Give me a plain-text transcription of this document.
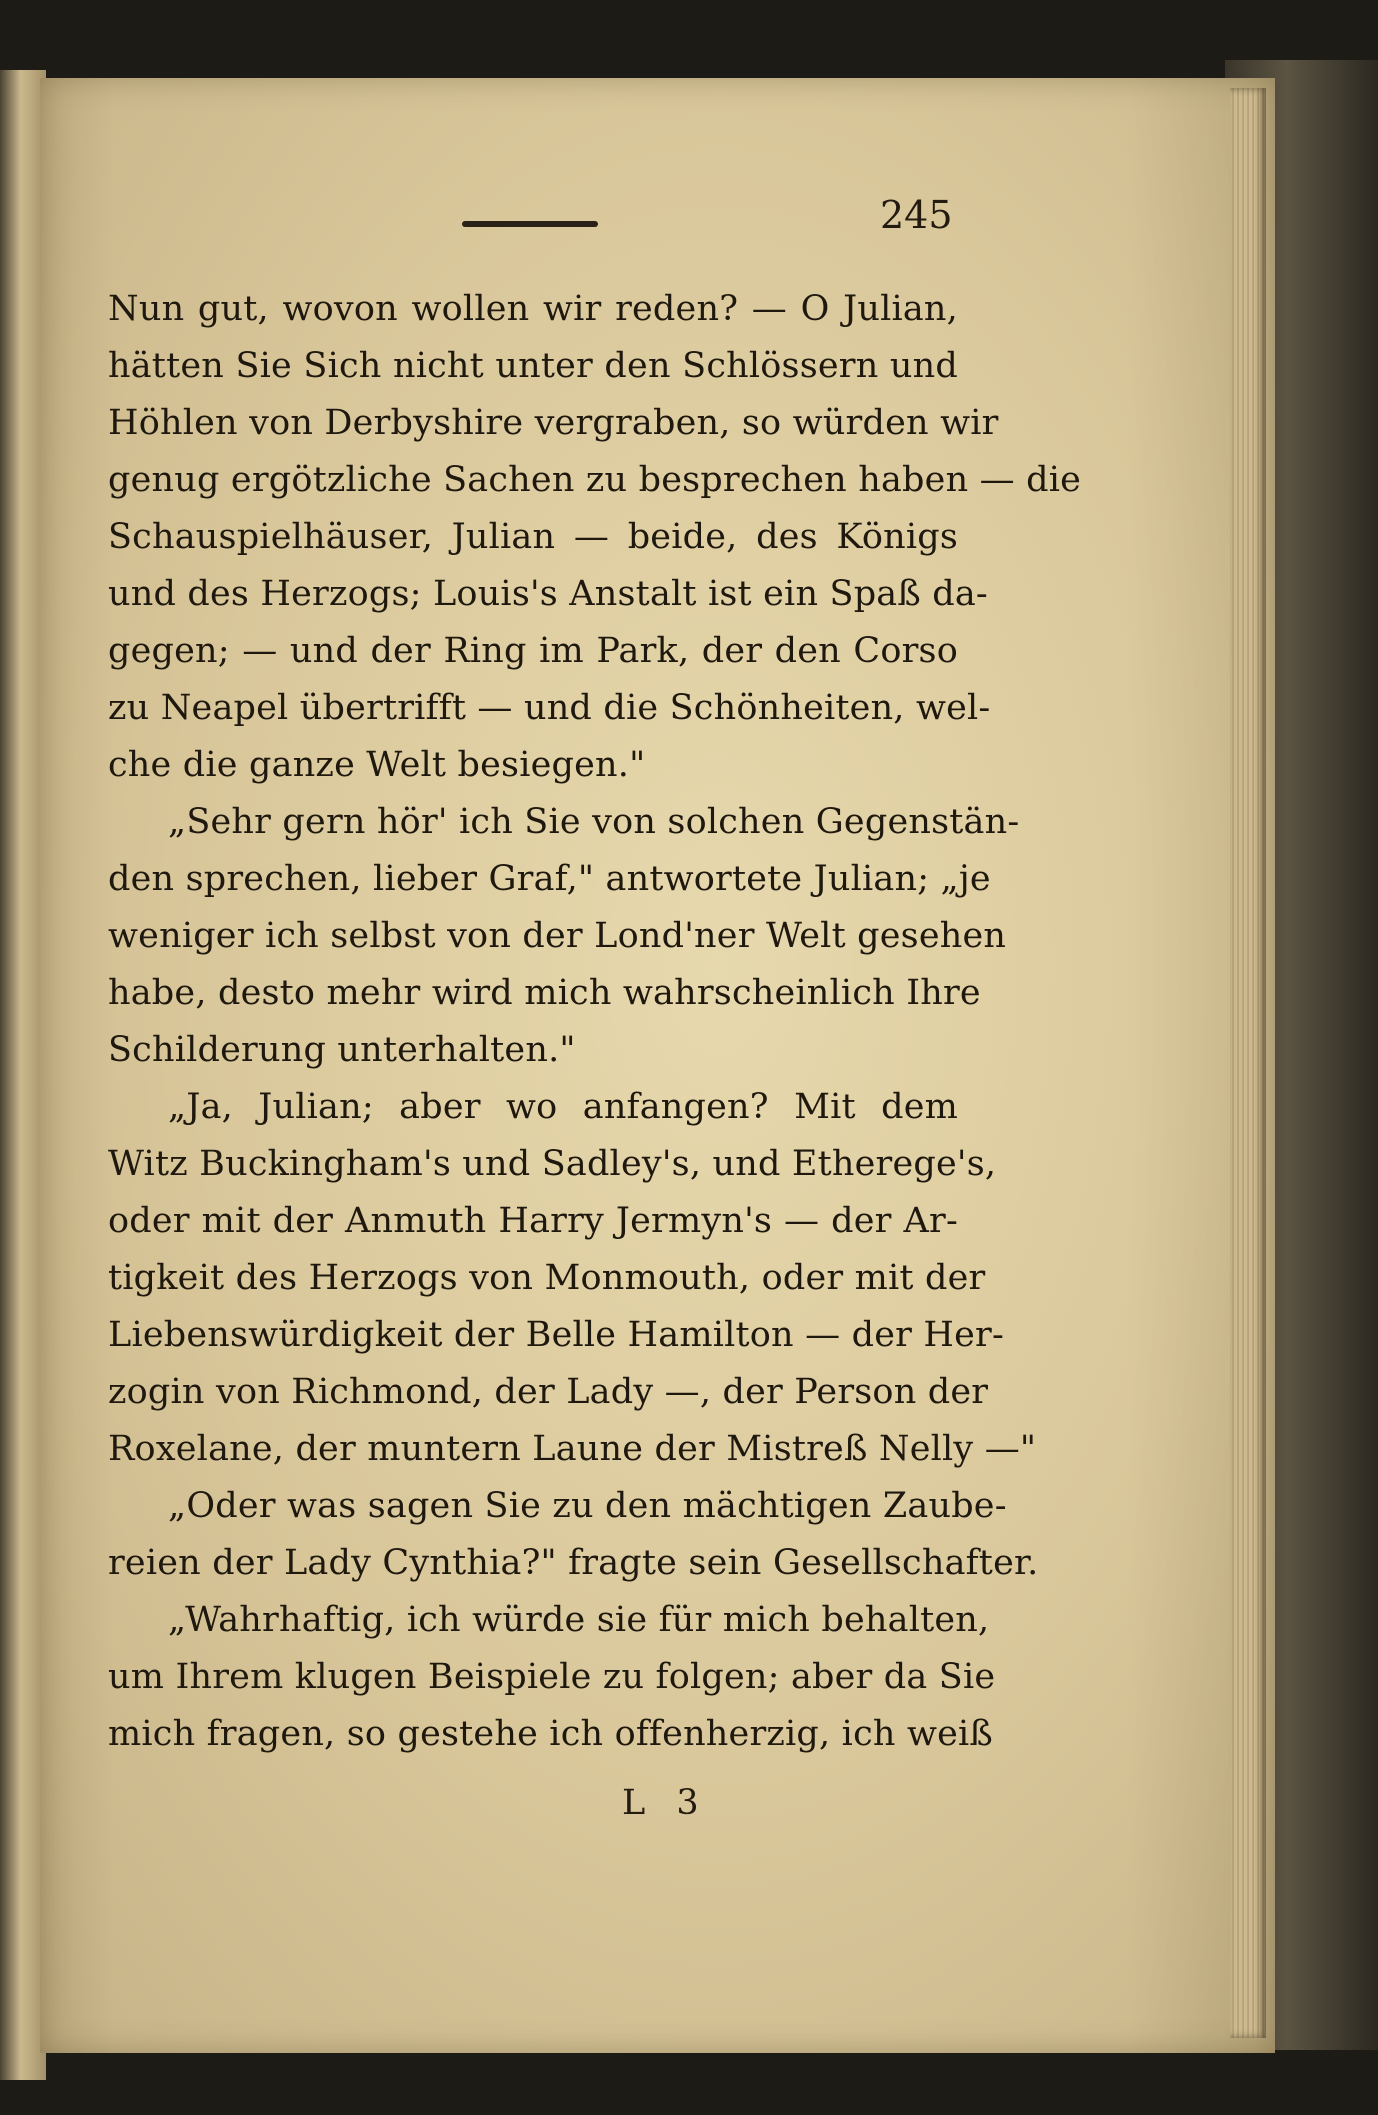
245
Nun gut, wovon wollen wir reden? — O Julian,
hätten Sie Sich nicht unter den Schlössern und
Höhlen von Derbyshire vergraben, so würden wir
genug ergötzliche Sachen zu besprechen haben — die
Schauspielhäuser, Julian — beide, des Königs
und des Herzogs; Louis's Anstalt ist ein Spaß da-
gegen; — und der Ring im Park, der den Corso
zu Neapel übertrifft — und die Schönheiten, wel-
che die ganze Welt besiegen."
„Sehr gern hör' ich Sie von solchen Gegenstän-
den sprechen, lieber Graf," antwortete Julian; „je
weniger ich selbst von der Lond'ner Welt gesehen
habe, desto mehr wird mich wahrscheinlich Ihre
Schilderung unterhalten."
„Ja, Julian; aber wo anfangen? Mit dem
Witz Buckingham's und Sadley's, und Etherege's,
oder mit der Anmuth Harry Jermyn's — der Ar-
tigkeit des Herzogs von Monmouth, oder mit der
Liebenswürdigkeit der Belle Hamilton — der Her-
zogin von Richmond, der Lady —, der Person der
Roxelane, der muntern Laune der Mistreß Nelly —"
„Oder was sagen Sie zu den mächtigen Zaube-
reien der Lady Cynthia?" fragte sein Gesellschafter.
„Wahrhaftig, ich würde sie für mich behalten,
um Ihrem klugen Beispiele zu folgen; aber da Sie
mich fragen, so gestehe ich offenherzig, ich weiß
L 3
